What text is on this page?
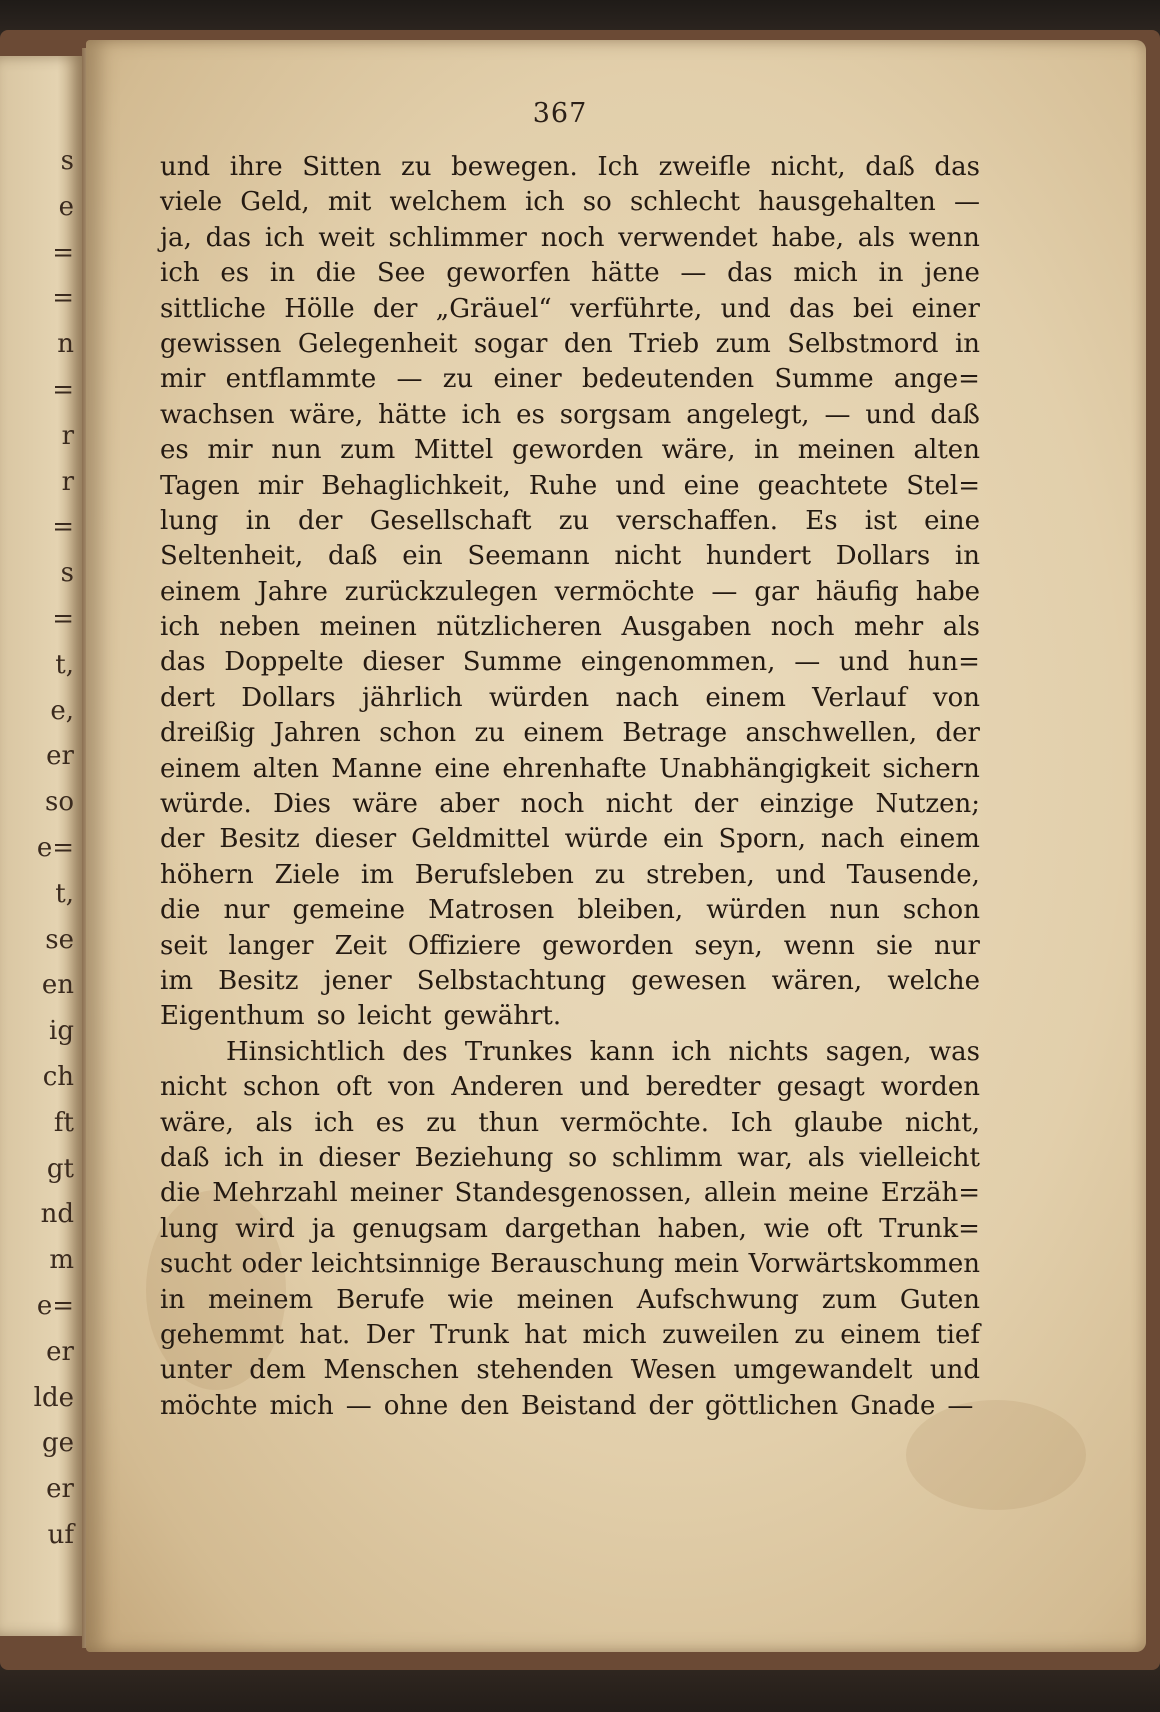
s
e
=
=
n
=
r
r
=
s
=
t,
e,
er
so
e=
t,
se
en
ig
ch
ft
gt
nd
m
e=
er
lde
ge
er
uf
367
und ihre Sitten zu bewegen. Ich zweifle nicht, daß das
viele Geld, mit welchem ich so schlecht hausgehalten —
ja, das ich weit schlimmer noch verwendet habe, als wenn
ich es in die See geworfen hätte — das mich in jene
sittliche Hölle der „Gräuel“ verführte, und das bei einer
gewissen Gelegenheit sogar den Trieb zum Selbstmord in
mir entflammte — zu einer bedeutenden Summe ange=
wachsen wäre, hätte ich es sorgsam angelegt, — und daß
es mir nun zum Mittel geworden wäre, in meinen alten
Tagen mir Behaglichkeit, Ruhe und eine geachtete Stel=
lung in der Gesellschaft zu verschaffen. Es ist eine
Seltenheit, daß ein Seemann nicht hundert Dollars in
einem Jahre zurückzulegen vermöchte — gar häufig habe
ich neben meinen nützlicheren Ausgaben noch mehr als
das Doppelte dieser Summe eingenommen, — und hun=
dert Dollars jährlich würden nach einem Verlauf von
dreißig Jahren schon zu einem Betrage anschwellen, der
einem alten Manne eine ehrenhafte Unabhängigkeit sichern
würde. Dies wäre aber noch nicht der einzige Nutzen;
der Besitz dieser Geldmittel würde ein Sporn, nach einem
höhern Ziele im Berufsleben zu streben, und Tausende,
die nur gemeine Matrosen bleiben, würden nun schon
seit langer Zeit Offiziere geworden seyn, wenn sie nur
im Besitz jener Selbstachtung gewesen wären, welche
Eigenthum so leicht gewährt.
Hinsichtlich des Trunkes kann ich nichts sagen, was
nicht schon oft von Anderen und beredter gesagt worden
wäre, als ich es zu thun vermöchte. Ich glaube nicht,
daß ich in dieser Beziehung so schlimm war, als vielleicht
die Mehrzahl meiner Standesgenossen, allein meine Erzäh=
lung wird ja genugsam dargethan haben, wie oft Trunk=
sucht oder leichtsinnige Berauschung mein Vorwärtskommen
in meinem Berufe wie meinen Aufschwung zum Guten
gehemmt hat. Der Trunk hat mich zuweilen zu einem tief
unter dem Menschen stehenden Wesen umgewandelt und
möchte mich — ohne den Beistand der göttlichen Gnade —
